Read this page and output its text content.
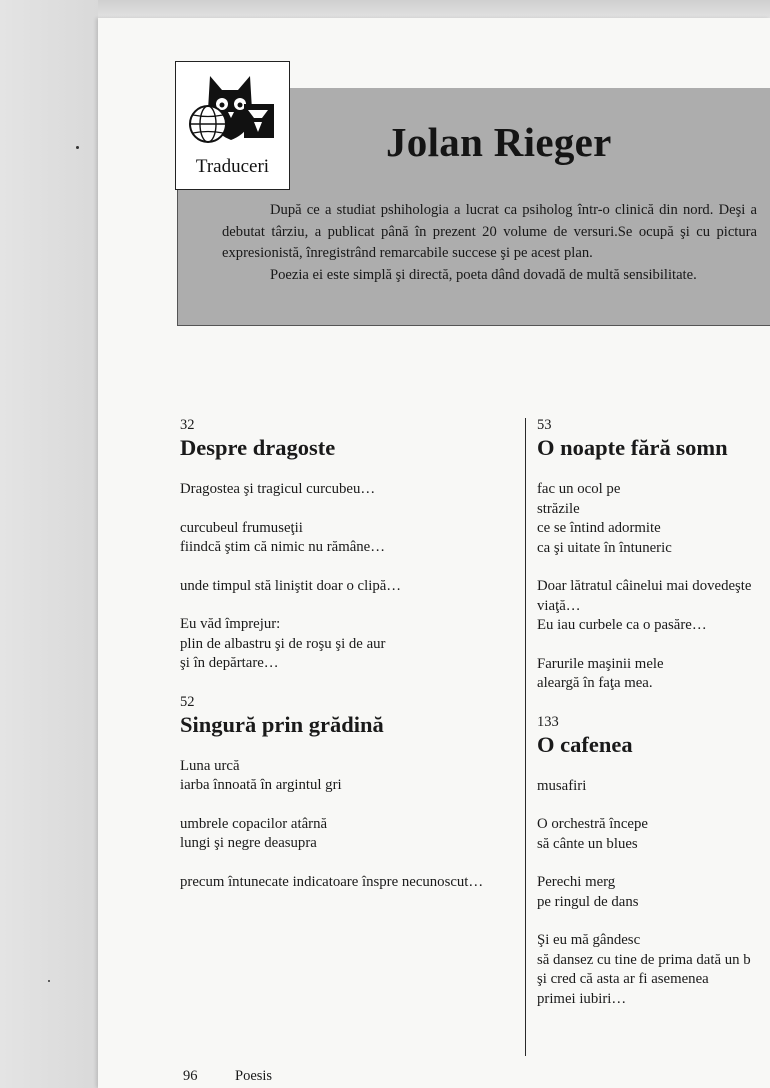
Traduceri
Jolan Rieger

După ce a studiat pshihologia a lucrat ca psiholog într-o clinică din nord. Deşi a debutat târziu, a publicat până în prezent 20 volume de versuri.Se ocupă şi cu pictura expresionistă, înregistrând remarcabile succese şi pe acest plan.

Poezia ei este simplă şi directă, poeta dând dovadă de multă sensibilitate.

32

Despre dragoste
Dragostea şi tragicul curcubeu…
curcubeul frumuseţii
fiindcă ştim că nimic nu rămâne…
unde timpul stă liniştit doar o clipă…
Eu văd împrejur:
plin de albastru şi de roşu şi de aur
şi în depărtare…

52

Singură prin grădină
Luna urcă
iarba înnoată în argintul gri
umbrele copacilor atârnă
lungi şi negre deasupra
precum întunecate indicatoare înspre necunoscut…

53

O noapte fără somn
fac un ocol pe
străzile
ce se întind adormite
ca şi uitate în întuneric
Doar lătratul câinelui mai dovedeşte
viaţă…
Eu iau curbele ca o pasăre…
Farurile maşinii mele
aleargă în faţa mea.

133

O cafenea
musafiri
O orchestră începe
să cânte un blues
Perechi merg
pe ringul de dans
Şi eu mă gândesc
să dansez cu tine de prima dată un b
şi cred că asta ar fi asemenea
primei iubiri…
96	Poesis
